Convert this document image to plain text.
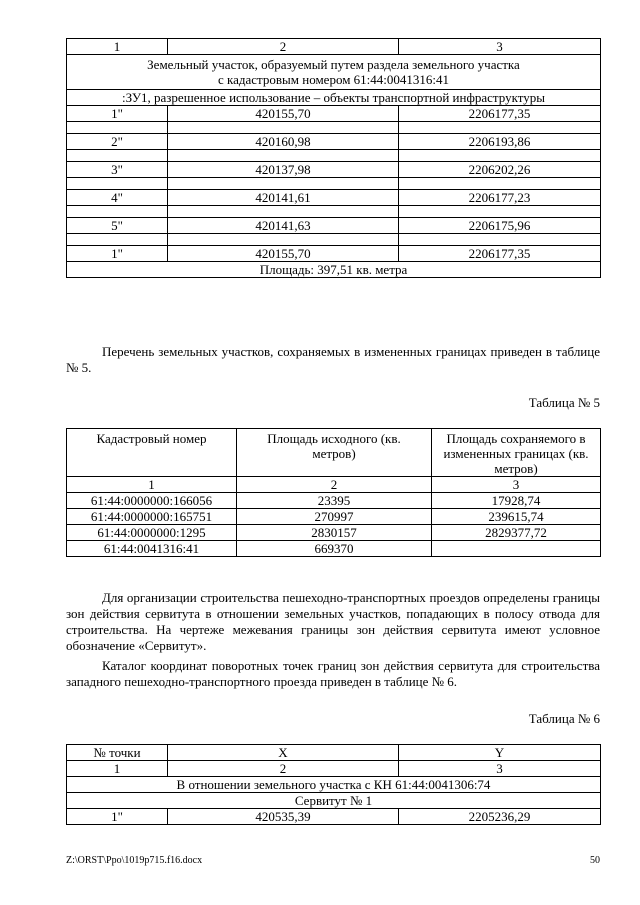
1	2	3
Земельный участок, образуемый путем раздела земельного участка
с кадастровым номером 61:44:0041316:41		
:ЗУ1, разрешенное использование – объекты транспортной инфраструктуры		
1"	420155,70	2206177,35

2"	420160,98	2206193,86

3"	420137,98	2206202,26

4"	420141,61	2206177,23

5"	420141,63	2206175,96

1"	420155,70	2206177,35
Площадь: 397,51 кв. метра		

Перечень земельных участков, сохраняемых в измененных границах приведен в таблице № 5.

Таблица № 5
Кадастровый номер	Площадь исходного (кв. метров)	Площадь сохраняемого в измененных границах (кв. метров)
1	2	3
61:44:0000000:166056	23395	17928,74
61:44:0000000:165751	270997	239615,74
61:44:0000000:1295	2830157	2829377,72
61:44:0041316:41	669370	

Для организации строительства пешеходно-транспортных проездов определены границы зон действия сервитута в отношении земельных участков, попадающих в полосу отвода для строительства. На чертеже межевания границы зон действия сервитута имеют условное обозначение «Сервитут».

Каталог координат поворотных точек границ зон действия сервитута для строительства западного пешеходно-транспортного проезда приведен в таблице № 6.

Таблица № 6
№ точки	X	Y
1	2	3
В отношении земельного участка с КН 61:44:0041306:74		
Сервитут № 1		
1"	420535,39	2205236,29
Z:\ORST\Ppo\1019p715.f16.docx	50
